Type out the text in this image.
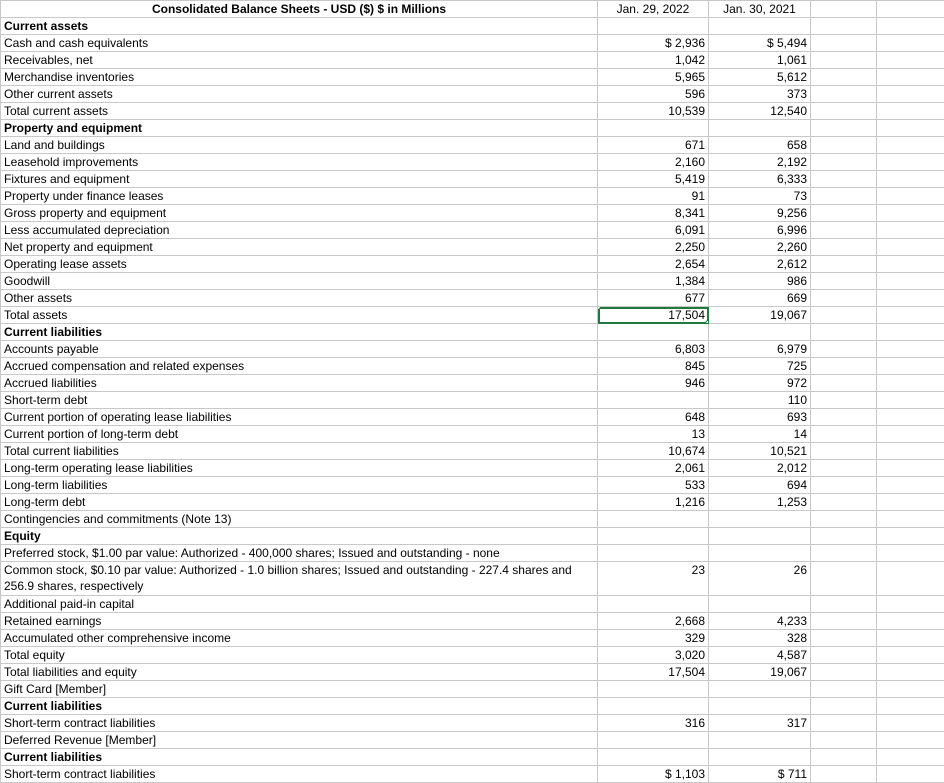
Consolidated Balance Sheets - USD ($) $ in Millions	Jan. 29, 2022	Jan. 30, 2021		
Current assets				
Cash and cash equivalents	$ 2,936	$ 5,494		
Receivables, net	1,042	1,061		
Merchandise inventories	5,965	5,612		
Other current assets	596	373		
Total current assets	10,539	12,540		
Property and equipment				
Land and buildings	671	658		
Leasehold improvements	2,160	2,192		
Fixtures and equipment	5,419	6,333		
Property under finance leases	91	73		
Gross property and equipment	8,341	9,256		
Less accumulated depreciation	6,091	6,996		
Net property and equipment	2,250	2,260		
Operating lease assets	2,654	2,612		
Goodwill	1,384	986		
Other assets	677	669		
Total assets	17,504	19,067		
Current liabilities				
Accounts payable	6,803	6,979		
Accrued compensation and related expenses	845	725		
Accrued liabilities	946	972		
Short-term debt		110		
Current portion of operating lease liabilities	648	693		
Current portion of long-term debt	13	14		
Total current liabilities	10,674	10,521		
Long-term operating lease liabilities	2,061	2,012		
Long-term liabilities	533	694		
Long-term debt	1,216	1,253		
Contingencies and commitments (Note 13)				
Equity				
Preferred stock, $1.00 par value: Authorized - 400,000 shares; Issued and outstanding - none				
Common stock, $0.10 par value: Authorized - 1.0 billion shares; Issued and outstanding - 227.4 shares and 256.9 shares, respectively	23	26		
Additional paid-in capital				
Retained earnings	2,668	4,233		
Accumulated other comprehensive income	329	328		
Total equity	3,020	4,587		
Total liabilities and equity	17,504	19,067		
Gift Card [Member]				
Current liabilities				
Short-term contract liabilities	316	317		
Deferred Revenue [Member]				
Current liabilities				
Short-term contract liabilities	$ 1,103	$ 711		
